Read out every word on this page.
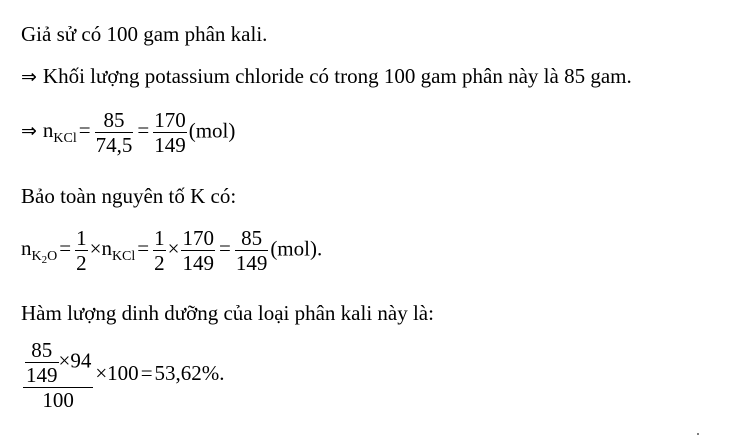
Giả sử có 100 gam phân kali.
⇒ Khối lượng potassium chloride có trong 100 gam phân này là 85 gam.
⇒ $n_{KCl}= \frac{85}{74,5} = \frac{170}{149} (mol)$
Bảo toàn nguyên tố K có:
$n_{K_2O}= \frac{1}{2} \times n_{KCl}= \frac{1}{2} \times \frac{170}{149} = \frac{85}{149} (mol)$.
Hàm lượng dinh dưỡng của loại phân kali này là:
$\frac{\frac{85}{149} \times 94}{100} \times 100=53,62\%$.
